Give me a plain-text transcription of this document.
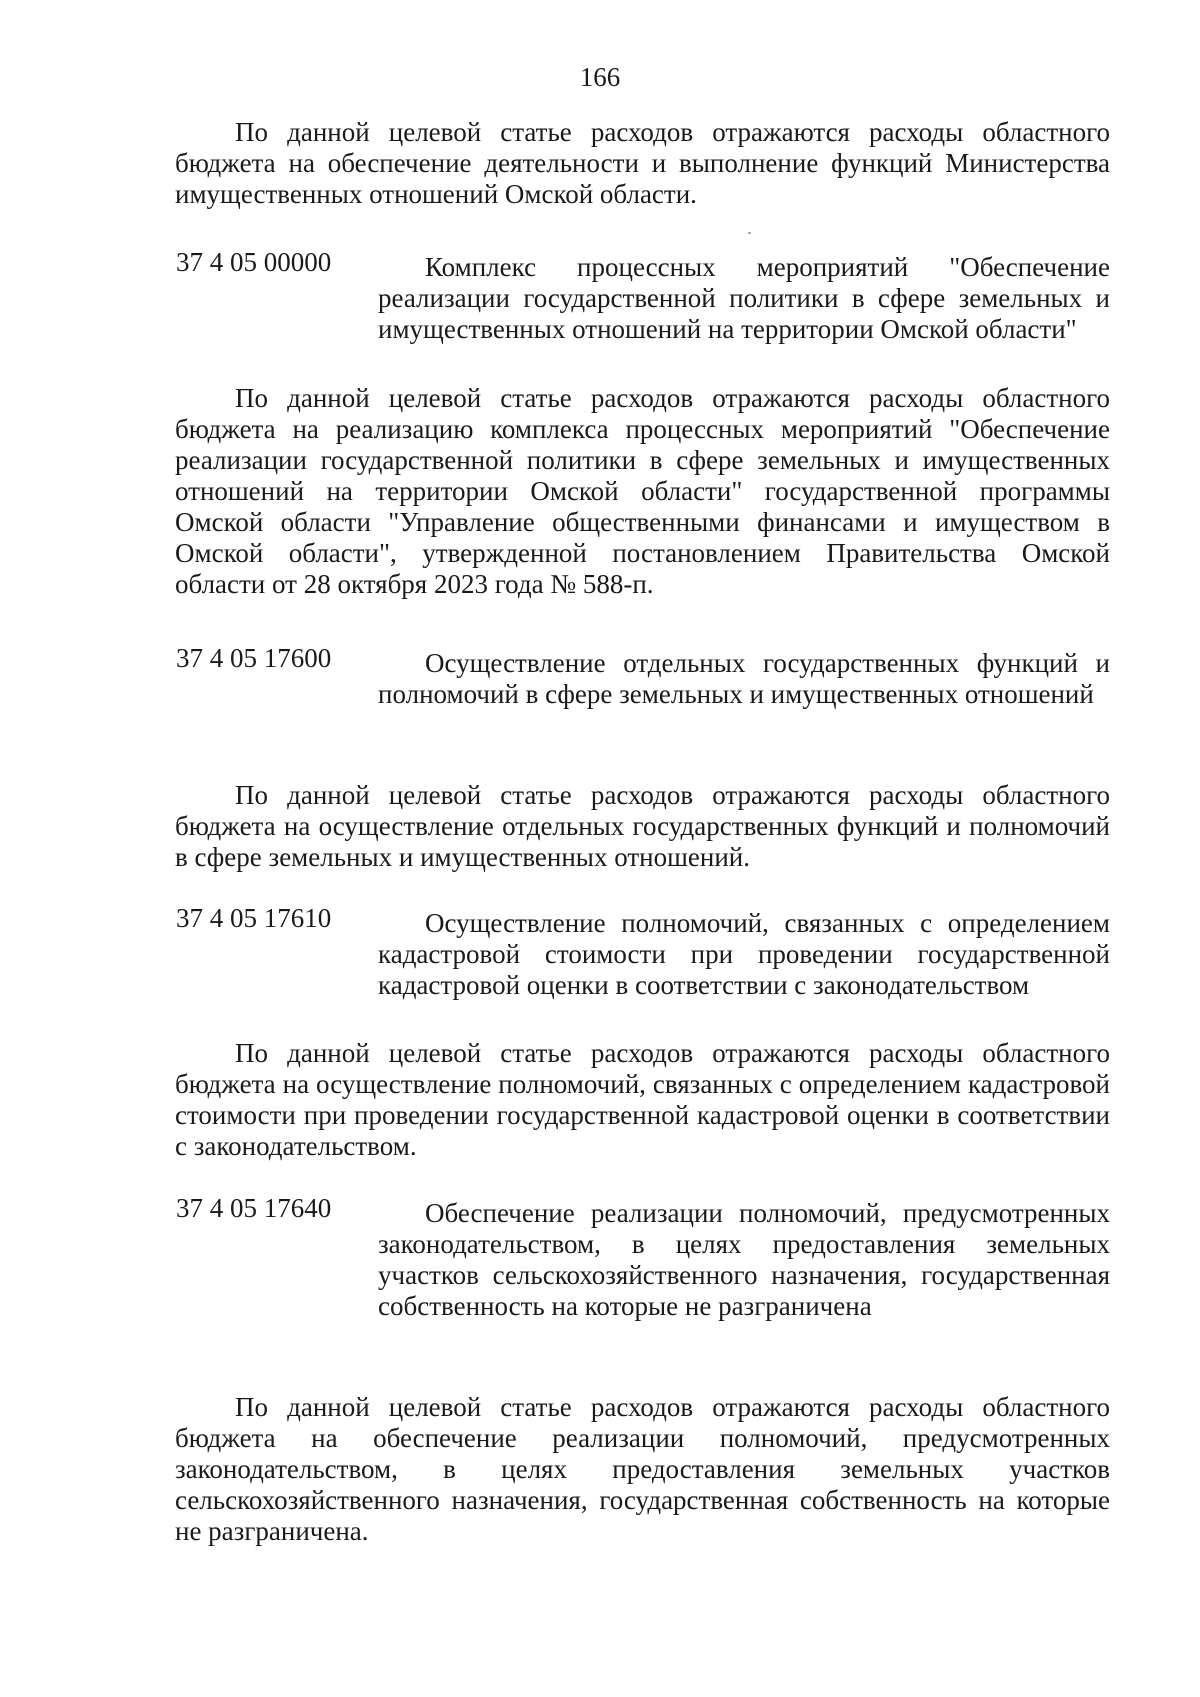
166

По данной целевой статье расходов отражаются расходы областного бюджета на обеспечение деятельности и выполнение функций Министерства имущественных отношений Омской области.

37 4 05 00000	Комплекс процессных мероприятий "Обеспечение реализации государственной политики в сфере земельных и имущественных отношений на территории Омской области"

По данной целевой статье расходов отражаются расходы областного бюджета на реализацию комплекса процессных мероприятий "Обеспечение реализации государственной политики в сфере земельных и имущественных отношений на территории Омской области" государственной программы Омской области "Управление общественными финансами и имуществом в Омской области", утвержденной постановлением Правительства Омской области от 28 октября 2023 года № 588-п.

37 4 05 17600	Осуществление отдельных государственных функций и полномочий в сфере земельных и имущественных отношений

По данной целевой статье расходов отражаются расходы областного бюджета на осуществление отдельных государственных функций и полномочий в сфере земельных и имущественных отношений.

37 4 05 17610	Осуществление полномочий, связанных с определением кадастровой стоимости при проведении государственной кадастровой оценки в соответствии с законодательством

По данной целевой статье расходов отражаются расходы областного бюджета на осуществление полномочий, связанных с определением кадастровой стоимости при проведении государственной кадастровой оценки в соответствии с законодательством.

37 4 05 17640	Обеспечение реализации полномочий, предусмотренных законодательством, в целях предоставления земельных участков сельскохозяйственного назначения, государственная собственность на которые не разграничена

По данной целевой статье расходов отражаются расходы областного бюджета на обеспечение реализации полномочий, предусмотренных законодательством, в целях предоставления земельных участков сельскохозяйственного назначения, государственная собственность на которые не разграничена.
